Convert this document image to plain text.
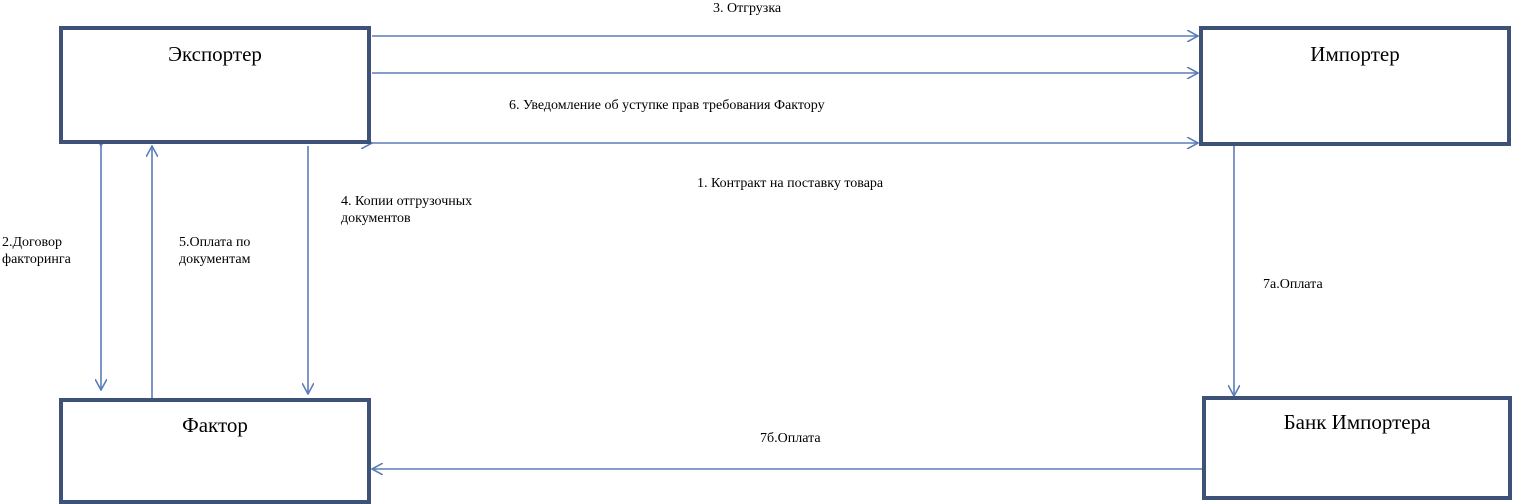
Экспортер	Импортер
Фактор	Банк Импортера
3. Отгрузка
6. Уведомление об уступке прав требования Фактору
1. Контракт на поставку товара
4. Копии отгрузочных
документов
2.Договор
факторинга
5.Оплата по
документам
7а.Оплата
7б.Оплата
